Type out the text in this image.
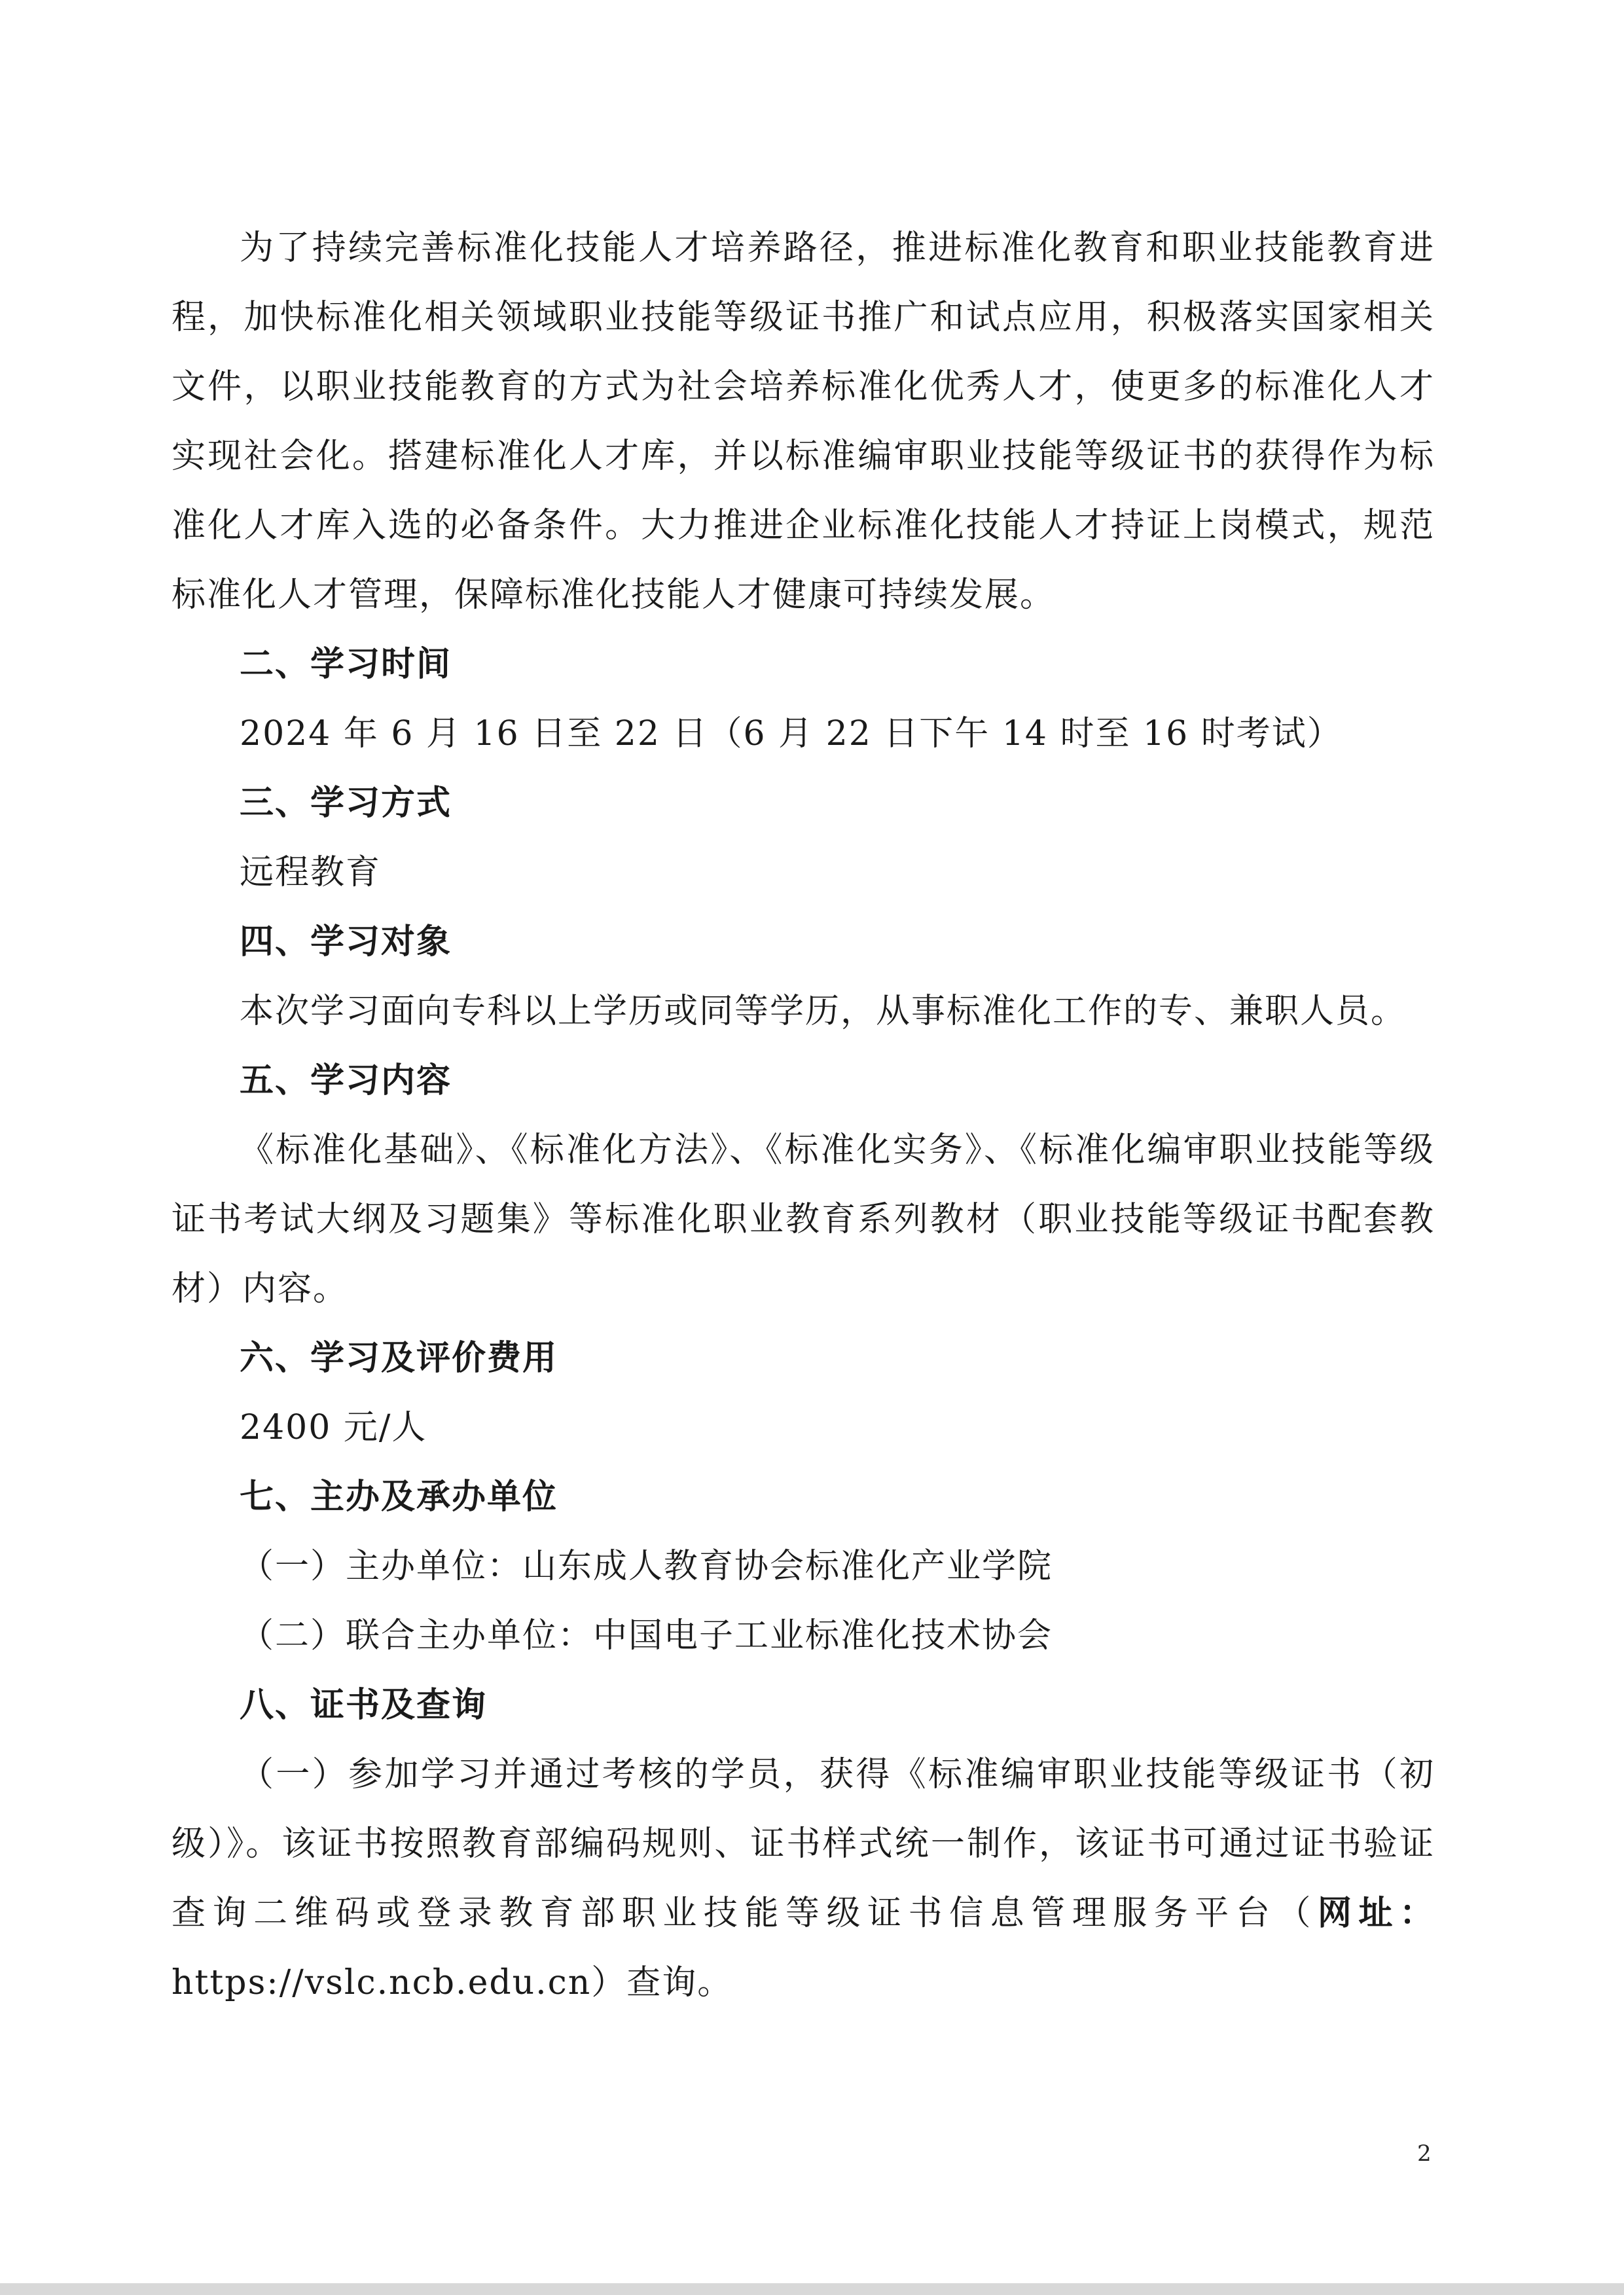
为了持续完善标准化技能人才培养路径，推进标准化教育和职业技能教育进程，加快标准化相关领域职业技能等级证书推广和试点应用，积极落实国家相关文件，以职业技能教育的方式为社会培养标准化优秀人才，使更多的标准化人才实现社会化。搭建标准化人才库，并以标准编审职业技能等级证书的获得作为标准化人才库入选的必备条件。大力推进企业标准化技能人才持证上岗模式，规范标准化人才管理，保障标准化技能人才健康可持续发展。

二、学习时间

2024 年 6 月 16 日至 22 日（6 月 22 日下午 14 时至 16 时考试）

三、学习方式

远程教育

四、学习对象

本次学习面向专科以上学历或同等学历，从事标准化工作的专、兼职人员。

五、学习内容

《标准化基础》、《标准化方法》、《标准化实务》、《标准化编审职业技能等级证书考试大纲及习题集》等标准化职业教育系列教材（职业技能等级证书配套教材）内容。

六、学习及评价费用

2400 元/人

七、主办及承办单位

（一）主办单位：山东成人教育协会标准化产业学院

（二）联合主办单位：中国电子工业标准化技术协会

八、证书及查询

（一）参加学习并通过考核的学员，获得《标准编审职业技能等级证书（初级）》。该证书按照教育部编码规则、证书样式统一制作，该证书可通过证书验证查询二维码或登录教育部职业技能等级证书信息管理服务平台（网址：https://vslc.ncb.edu.cn）查询。

2
